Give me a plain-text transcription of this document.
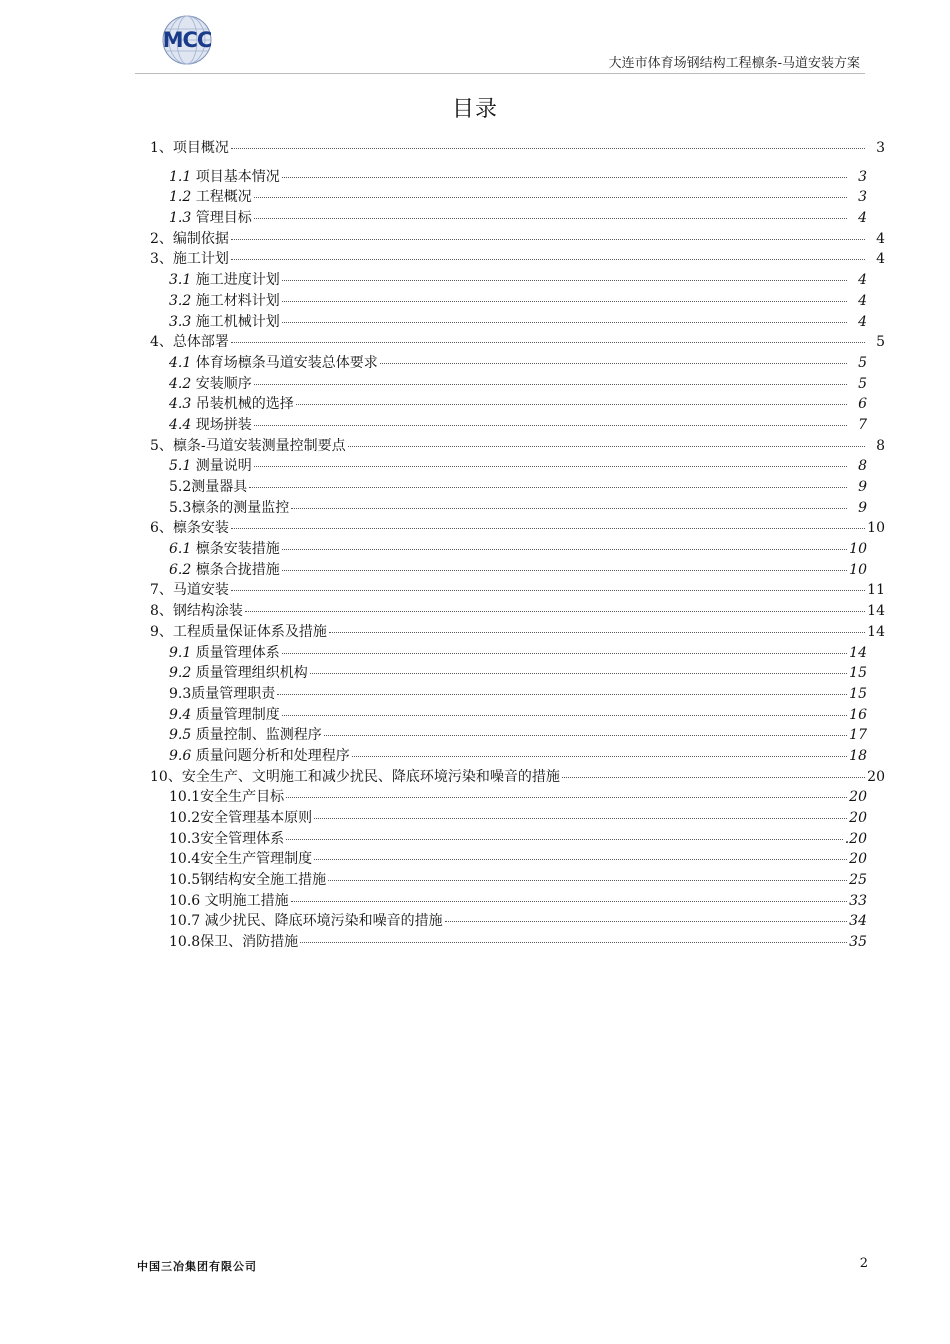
MCC
大连市体育场钢结构工程檩条-马道安装方案
目录
1、项目概况	3
1.1 项目基本情况	3
1.2 工程概况	3
1.3 管理目标	4
2、编制依据	4
3、施工计划	4
3.1 施工进度计划	4
3.2 施工材料计划	4
3.3 施工机械计划	4
4、总体部署	5
4.1 体育场檩条马道安装总体要求	5
4.2 安装顺序	5
4.3 吊装机械的选择	6
4.4 现场拼装	7
5、檩条-马道安装测量控制要点	8
5.1 测量说明	8
5.2测量器具	9
5.3檩条的测量监控	9
6、檩条安装	10
6.1 檩条安装措施	10
6.2 檩条合拢措施	10
7、马道安装	11
8、钢结构涂装	14
9、工程质量保证体系及措施	14
9.1 质量管理体系	14
9.2 质量管理组织机构	15
9.3质量管理职责	15
9.4 质量管理制度	16
9.5 质量控制、监测程序	17
9.6 质量问题分析和处理程序	18
10、安全生产、文明施工和减少扰民、降底环境污染和噪音的措施	20
10.1安全生产目标	20
10.2安全管理基本原则	20
10.3安全管理体系	.20
10.4安全生产管理制度	20
10.5钢结构安全施工措施	25
10.6 文明施工措施	33
10.7 减少扰民、降底环境污染和噪音的措施	34
10.8保卫、消防措施	35
中国三冶集团有限公司	2
